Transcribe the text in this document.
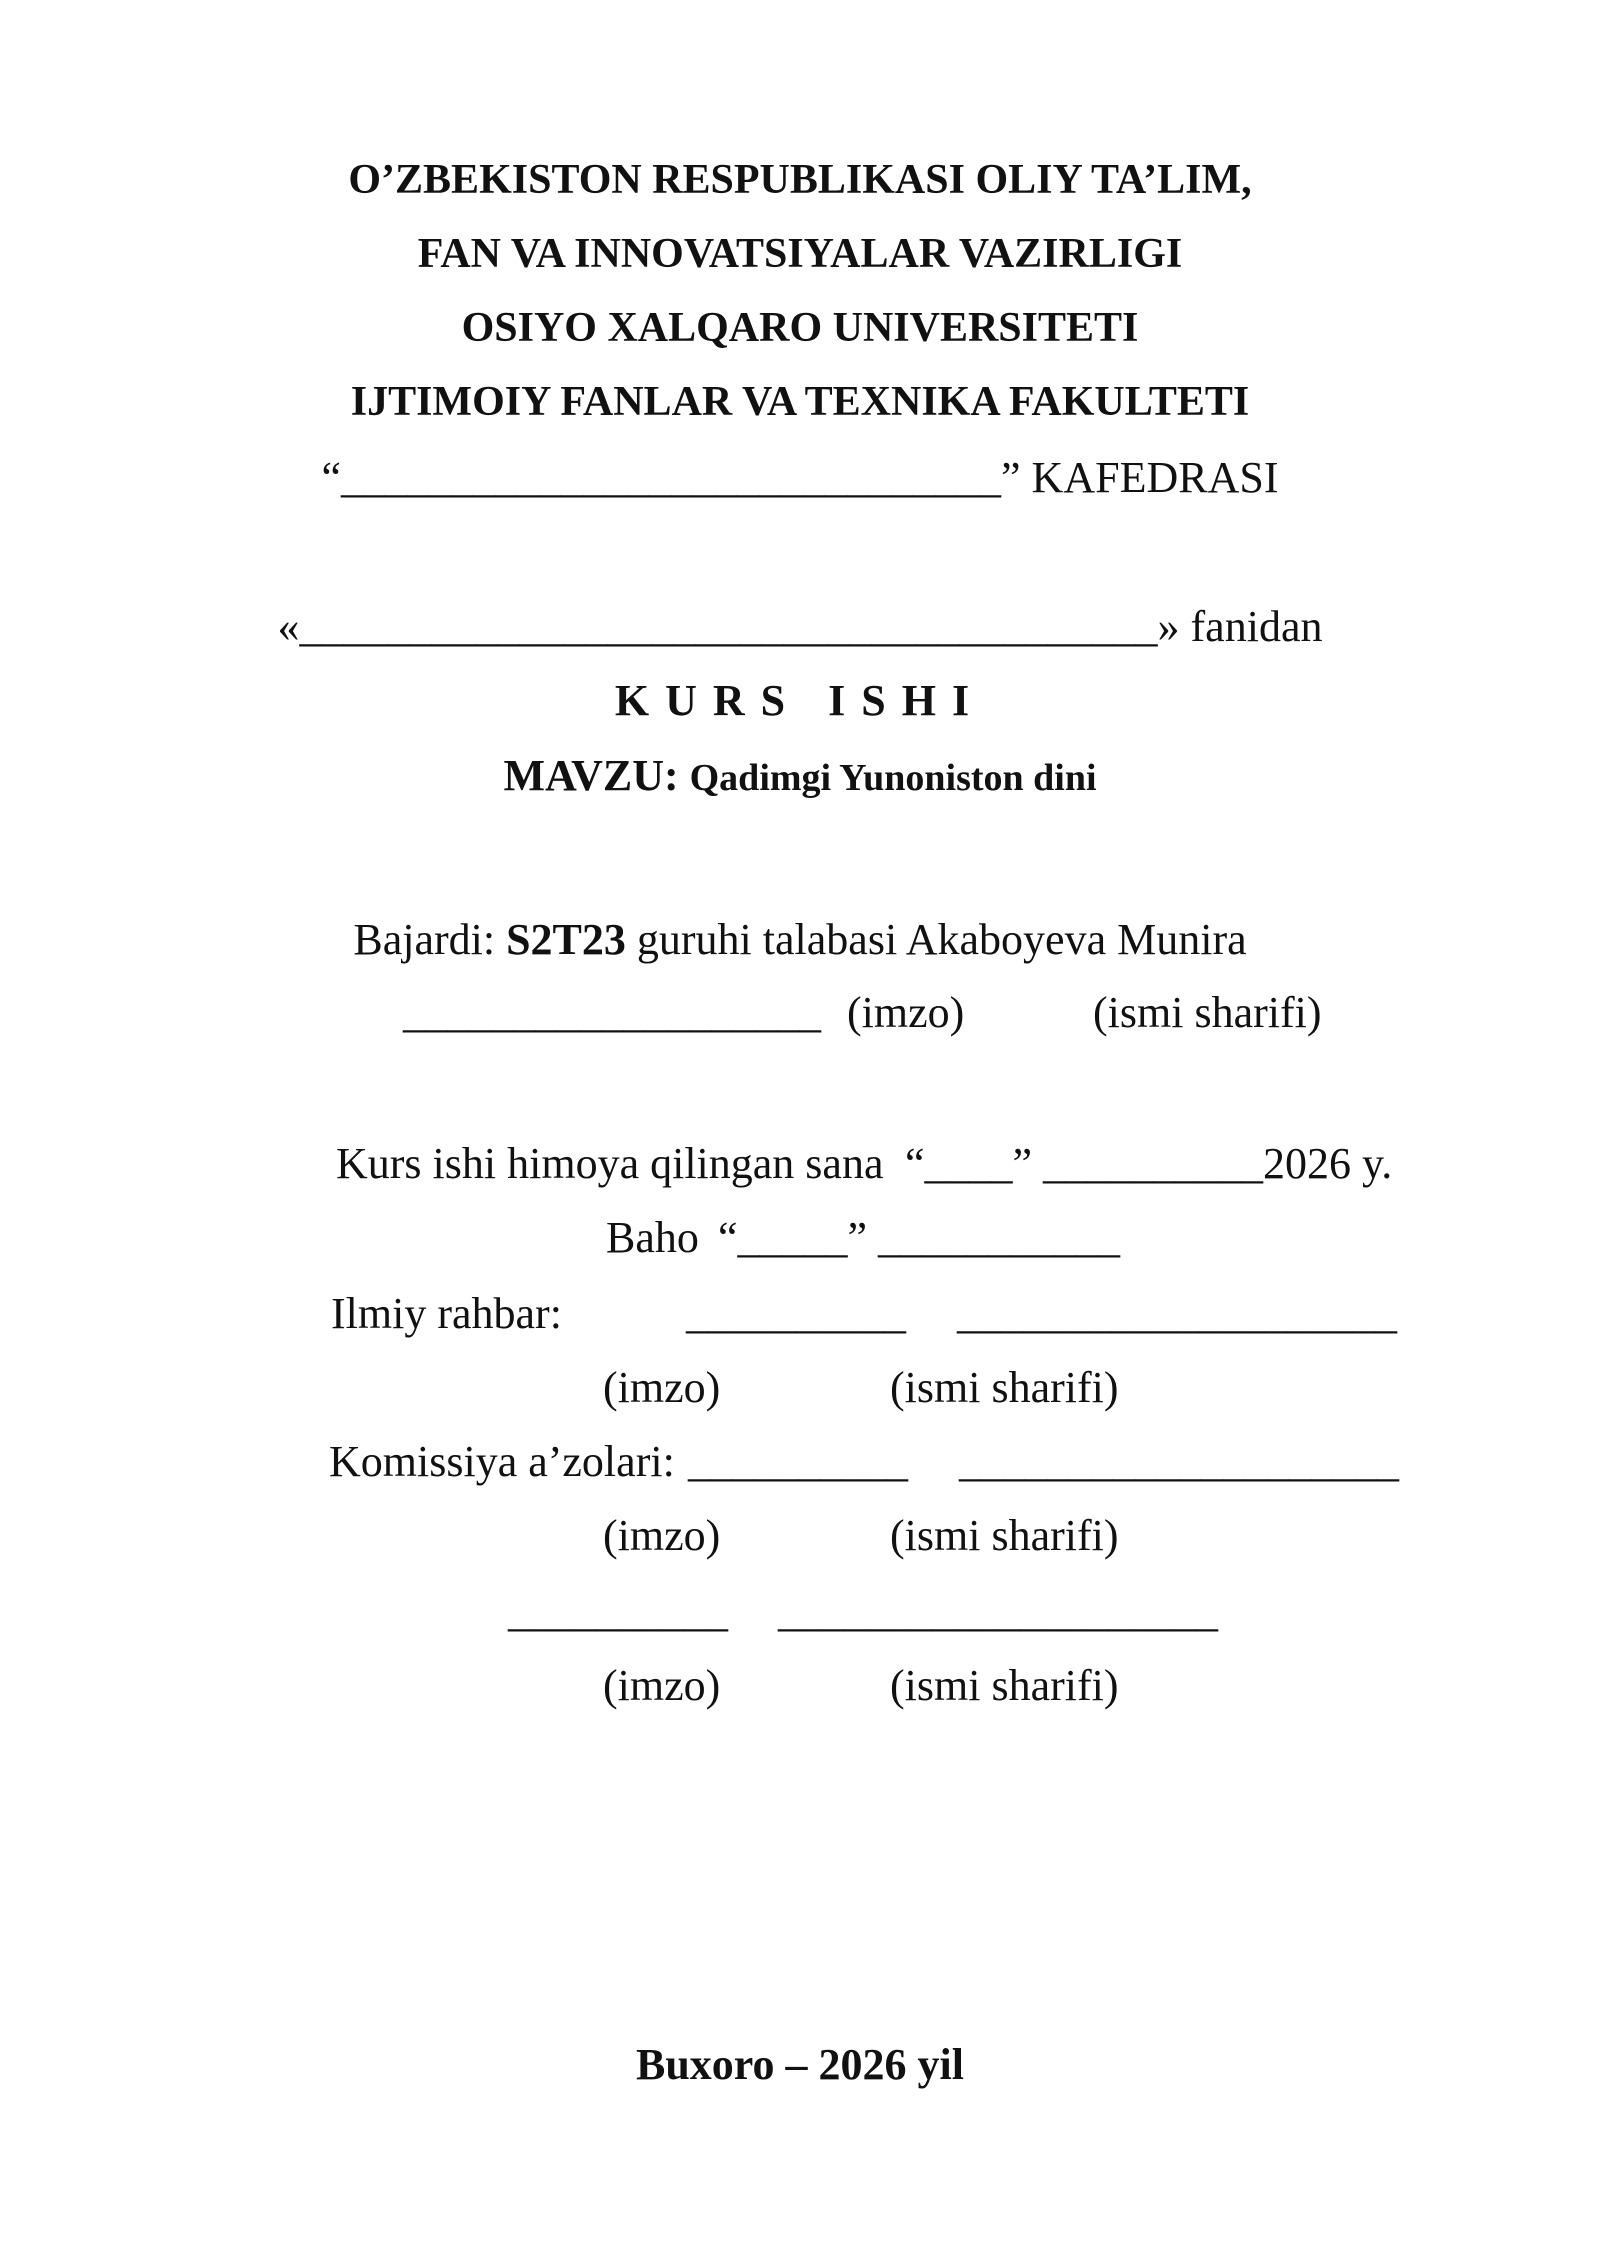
O’ZBEKISTON RESPUBLIKASI OLIY TA’LIM,
FAN VA INNOVATSIYALAR VAZIRLIGI
OSIYO XALQARO UNIVERSITETI
IJTIMOIY FANLAR VA TEXNIKA FAKULTETI
“______________________________” KAFEDRASI
«_______________________________________» fanidan
KURS ISHI
MAVZU: Qadimgi Yunoniston dini
Bajardi: S2T23 guruhi talabasi Akaboyeva Munira
___________________ (imzo)	(ismi sharifi)
Kurs ishi himoya qilingan sana “____” __________2026 y.
Baho “_____” ___________
Ilmiy rahbar:	__________ ____________________
(imzo)	(ismi sharifi)
Komissiya a’zolari: __________ ____________________
(imzo)	(ismi sharifi)
__________ ____________________
(imzo)	(ismi sharifi)
Buxoro – 2026 yil
